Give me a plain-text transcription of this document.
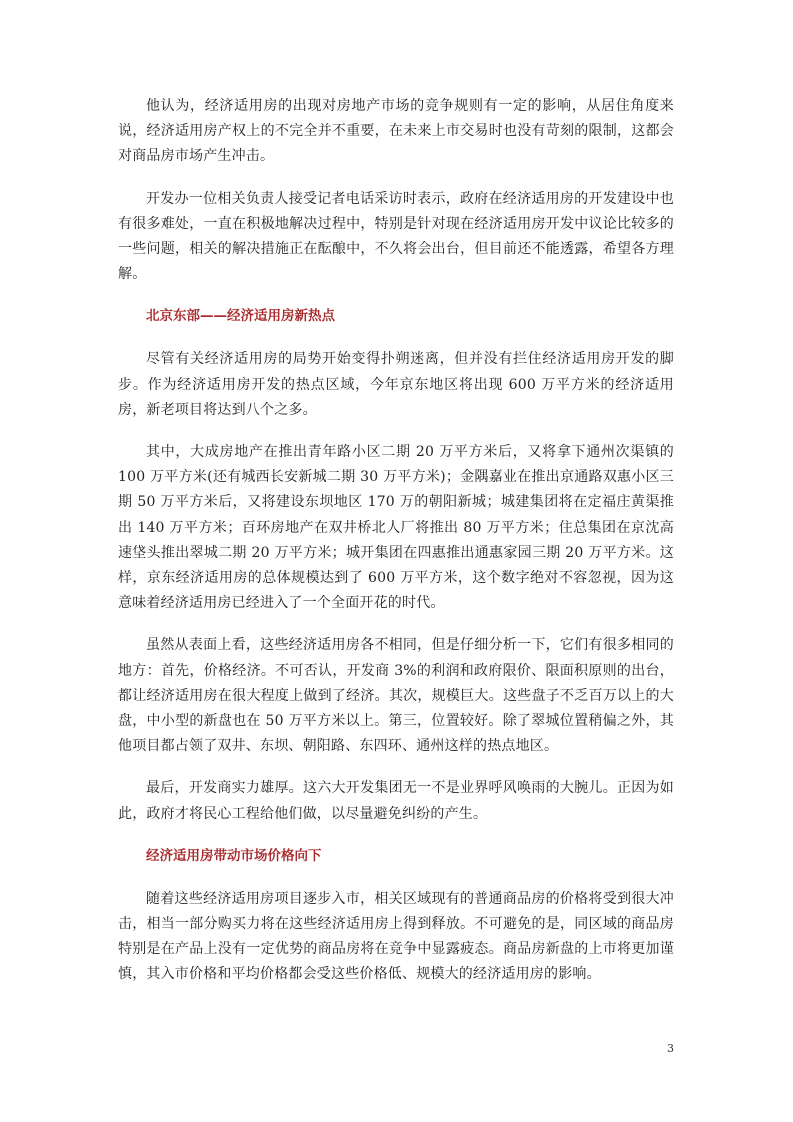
他认为，经济适用房的出现对房地产市场的竞争规则有一定的影响，从居住角度来说，经济适用房产权上的不完全并不重要，在未来上市交易时也没有苛刻的限制，这都会对商品房市场产生冲击。

开发办一位相关负责人接受记者电话采访时表示，政府在经济适用房的开发建设中也有很多难处，一直在积极地解决过程中，特别是针对现在经济适用房开发中议论比较多的一些问题，相关的解决措施正在酝酿中，不久将会出台，但目前还不能透露，希望各方理解。

北京东部——经济适用房新热点

尽管有关经济适用房的局势开始变得扑朔迷离，但并没有拦住经济适用房开发的脚步。作为经济适用房开发的热点区域，今年京东地区将出现 600 万平方米的经济适用房，新老项目将达到八个之多。

其中，大成房地产在推出青年路小区二期 20 万平方米后，又将拿下通州次渠镇的 100 万平方米(还有城西长安新城二期 30 万平方米)；金隅嘉业在推出京通路双惠小区三期 50 万平方米后，又将建设东坝地区 170 万的朝阳新城；城建集团将在定福庄黄渠推出 140 万平方米；百环房地产在双井桥北人厂将推出 80 万平方米；住总集团在京沈高速垡头推出翠城二期 20 万平方米；城开集团在四惠推出通惠家园三期 20 万平方米。这样，京东经济适用房的总体规模达到了 600 万平方米，这个数字绝对不容忽视，因为这意味着经济适用房已经进入了一个全面开花的时代。

虽然从表面上看，这些经济适用房各不相同，但是仔细分析一下，它们有很多相同的地方：首先，价格经济。不可否认，开发商 3%的利润和政府限价、限面积原则的出台，都让经济适用房在很大程度上做到了经济。其次，规模巨大。这些盘子不乏百万以上的大盘，中小型的新盘也在 50 万平方米以上。第三，位置较好。除了翠城位置稍偏之外，其他项目都占领了双井、东坝、朝阳路、东四环、通州这样的热点地区。

最后，开发商实力雄厚。这六大开发集团无一不是业界呼风唤雨的大腕儿。正因为如此，政府才将民心工程给他们做，以尽量避免纠纷的产生。

经济适用房带动市场价格向下

随着这些经济适用房项目逐步入市，相关区域现有的普通商品房的价格将受到很大冲击，相当一部分购买力将在这些经济适用房上得到释放。不可避免的是，同区域的商品房特别是在产品上没有一定优势的商品房将在竞争中显露疲态。商品房新盘的上市将更加谨慎，其入市价格和平均价格都会受这些价格低、规模大的经济适用房的影响。

3
